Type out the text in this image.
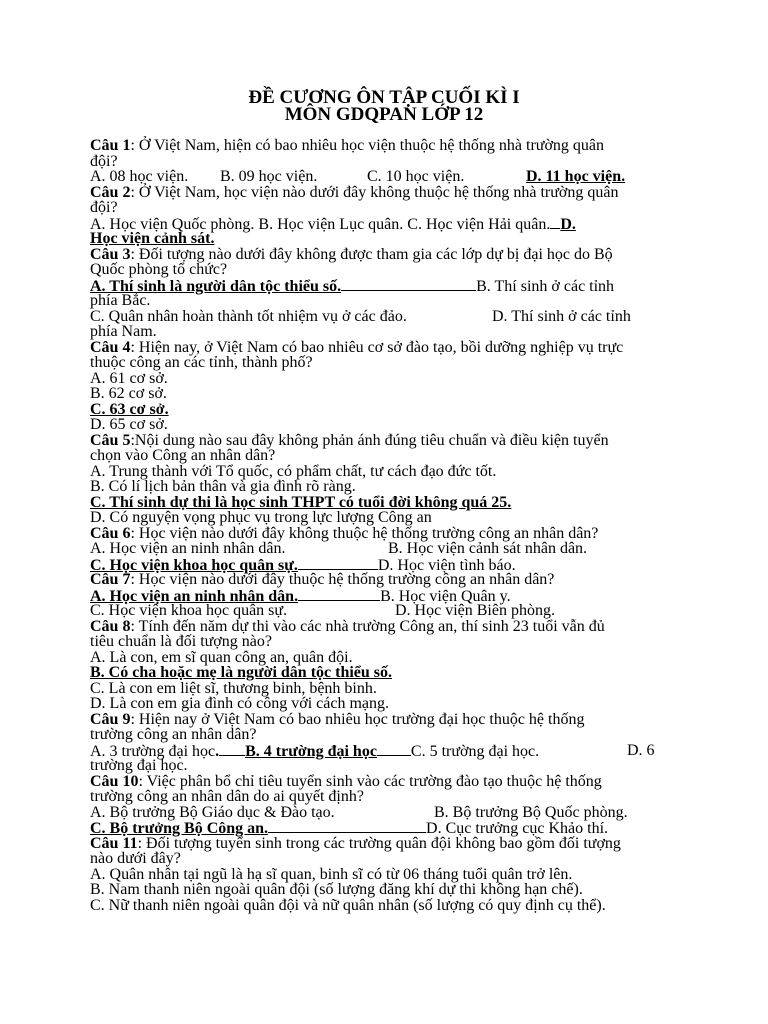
ĐỀ CƯƠNG ÔN TẬP CUỐI KÌ I
MÔN GDQPAN LỚP 12
Câu 1: Ở Việt Nam, hiện có bao nhiêu học viện thuộc hệ thống nhà trường quân
đội?
A. 08 học viện. B. 09 học viện.	C. 10 học viện.	D. 11 học viện.
Câu 2: Ở Việt Nam, học viện nào dưới đây không thuộc hệ thống nhà trường quân
đội?
A. Học viện Quốc phòng. B. Học viện Lục quân. C. Học viện Hải quân. D.
Học viện cảnh sát.
Câu 3: Đối tượng nào dưới đây không được tham gia các lớp dự bị đại học do Bộ
Quốc phòng tổ chức?
A. Thí sinh là người dân tộc thiểu số.	B. Thí sinh ở các tỉnh
phía Bắc.
C. Quân nhân hoàn thành tốt nhiệm vụ ở các đảo.	D. Thí sinh ở các tỉnh
phía Nam.
Câu 4: Hiện nay, ở Việt Nam có bao nhiêu cơ sở đào tạo, bồi dưỡng nghiệp vụ trực
thuộc công an các tỉnh, thành phố?
A. 61 cơ sở.
B. 62 cơ sở.
C. 63 cơ sở.
D. 65 cơ sở.
Câu 5:Nội dung nào sau đây không phản ánh đúng tiêu chuẩn và điều kiện tuyển
chọn vào Công an nhân dân?
A. Trung thành với Tổ quốc, có phẩm chất, tư cách đạo đức tốt.
B. Có lí lịch bản thân và gia đình rõ ràng.
C. Thí sinh dự thi là học sinh THPT có tuổi đời không quá 25.
D. Có nguyện vọng phục vụ trong lực lượng Công an
Câu 6: Học viện nào dưới đây không thuộc hệ thống trường công an nhân dân?
A. Học viện an ninh nhân dân.	B. Học viện cảnh sát nhân dân.
C. Học viện khoa học quân sự.	D. Học viện tình báo.
Câu 7: Học viện nào dưới đây thuộc hệ thống trường công an nhân dân?
A. Học viện an ninh nhân dân.	B. Học viện Quân y.
C. Học viện khoa học quân sự.	D. Học viện Biên phòng.
Câu 8: Tính đến năm dự thi vào các nhà trường Công an, thí sinh 23 tuổi vẫn đủ
tiêu chuẩn là đối tượng nào?
A. Là con, em sĩ quan công an, quân đội.
B. Có cha hoặc mẹ là người dân tộc thiểu số.
C. Là con em liệt sĩ, thương binh, bệnh binh.
D. Là con em gia đình có công với cách mạng.
Câu 9: Hiện nay ở Việt Nam có bao nhiêu học trường đại học thuộc hệ thống
trường công an nhân dân?
A. 3 trường đại học. B. 4 trường đại học C. 5 trường đại học.	D. 6
trường đại học.
Câu 10: Việc phân bổ chỉ tiêu tuyển sinh vào các trường đào tạo thuộc hệ thống
trường công an nhân dân do ai quyết định?
A. Bộ trưởng Bộ Giáo dục & Đào tạo.	B. Bộ trưởng Bộ Quốc phòng.
C. Bộ trưởng Bộ Công an.	D. Cục trưởng cục Khảo thí.
Câu 11: Đối tượng tuyển sinh trong các trường quân đội không bao gồm đối tượng
nào dưới đây?
A. Quân nhân tại ngũ là hạ sĩ quan, binh sĩ có từ 06 tháng tuổi quân trở lên.
B. Nam thanh niên ngoài quân đội (số lượng đăng khí dự thi không hạn chế).
C. Nữ thanh niên ngoài quân đội và nữ quân nhân (số lượng có quy định cụ thể).
